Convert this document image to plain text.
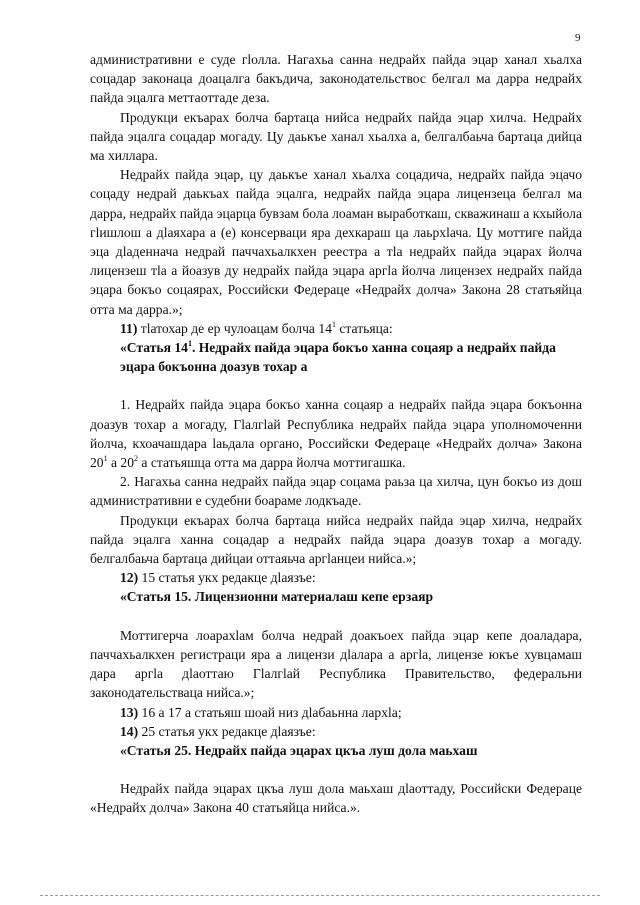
9

административни е суде гӏолла. Нагахьа санна недрайх пайда эцар ханал хьалха соцадар законаца доацалга бакъдича, законодательствос белгал ма дарра недрайх пайда эцалга меттаоттаде деза.

Продукци екъарах болча бартаца нийса недрайх пайда эцар хилча. Недрайх пайда эцалга соцадар могаду. Цу даькъе ханал хьалха а, белгалбаьча бартаца дийца ма хиллара.

Недрайх пайда эцар, цу даькъе ханал хьалха соцадича, недрайх пайда эцачо соцаду недрай даькъах пайда эцалга, недрайх пайда эцара лицензеца белгал ма дарра, недрайх пайда эцарца бувзам бола лоаман выработкаш, скважинаш а кхыйола гӏишлош а дӏаяхара а (е) консерваци яра дехкараш ца лаьрхӏача. Цу моттиге пайда эца дӏаденнача недрай паччахьалкхен реестра а тӏа недрайх пайда эцарах йолча лицензеш тӏа а йоазув ду недрайх пайда эцара аргӏа йолча лицензех недрайх пайда эцара бокъо соцаярах, Российски Федераце «Недрайх долча» Закона 28 статьяйца отта ма дарра.»;

11) тӏатохар де ер чулоацам болча $14^1$ статьяца:

«Статья $14^1$. Недрайх пайда эцара бокъо ханна соцаяр а недрайх пайда эцара бокъонна доазув тохар а

1. Недрайх пайда эцара бокъо ханна соцаяр а недрайх пайда эцара бокъонна доазув тохар а могаду, Гӏалгӏай Республика недрайх пайда эцара уполномоченни йолча, кхоачашдара ӏаьдала органо, Российски Федераце «Недрайх долча» Закона $20^1$ а $20^2$ а статьяшца отта ма дарра йолча моттигашка.

2. Нагахьа санна недрайх пайда эцар соцама раьза ца хилча, цун бокъо из дош административни е судебни боараме лодкъаде.

Продукци екъарах болча бартаца нийса недрайх пайда эцар хилча, недрайх пайда эцалга ханна соцадар а недрайх пайда эцара доазув тохар а могаду. белгалбаьча бартаца дийцаи оттаяьча аргӏанцеи нийса.»;

12) 15 статья укх редакце дӏаязъе:

«Статья 15. Лицензионни материалаш кепе ерзаяр

Моттигерча лоарахӏам болча недрай доакъоех пайда эцар кепе доаладара, паччахьалкхен регистраци яра а лицензи дӏалара а аргӏа, лицензе юкъе хувцамаш дара аргӏа дӏаоттаю Гӏалгӏай Республика Правительство, федеральни законодательстваца нийса.»;

13) 16 а 17 а статьяш шоай низ дӏабаьнна лархӏа;

14) 25 статья укх редакце дӏаязъе:

«Статья 25. Недрайх пайда эцарах цкъа луш дола маьхаш

Недрайх пайда эцарах цкъа луш дола маьхаш дӏаоттаду, Российски Федераце «Недрайх долча» Закона 40 статьяйца нийса.».
